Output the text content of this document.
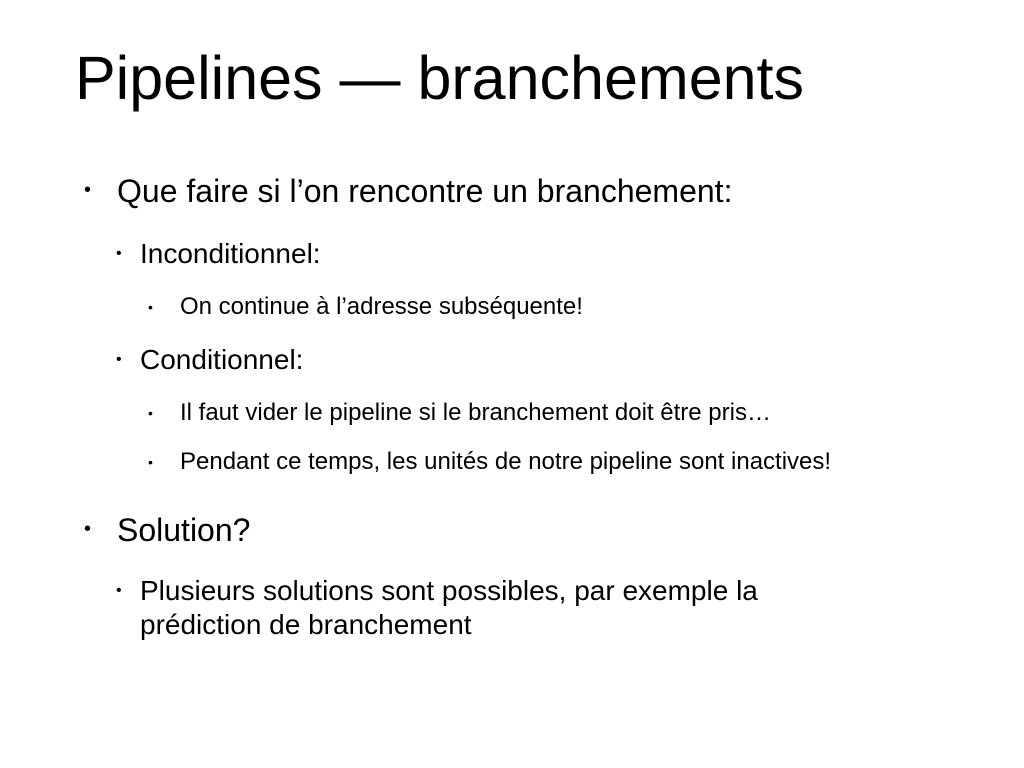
Pipelines — branchements
• Que faire si l’on rencontre un branchement:
• Inconditionnel:
• On continue à l’adresse subséquente!
• Conditionnel:
• Il faut vider le pipeline si le branchement doit être pris…
• Pendant ce temps, les unités de notre pipeline sont inactives!
• Solution?
• Plusieurs solutions sont possibles, par exemple la prédiction de branchement
